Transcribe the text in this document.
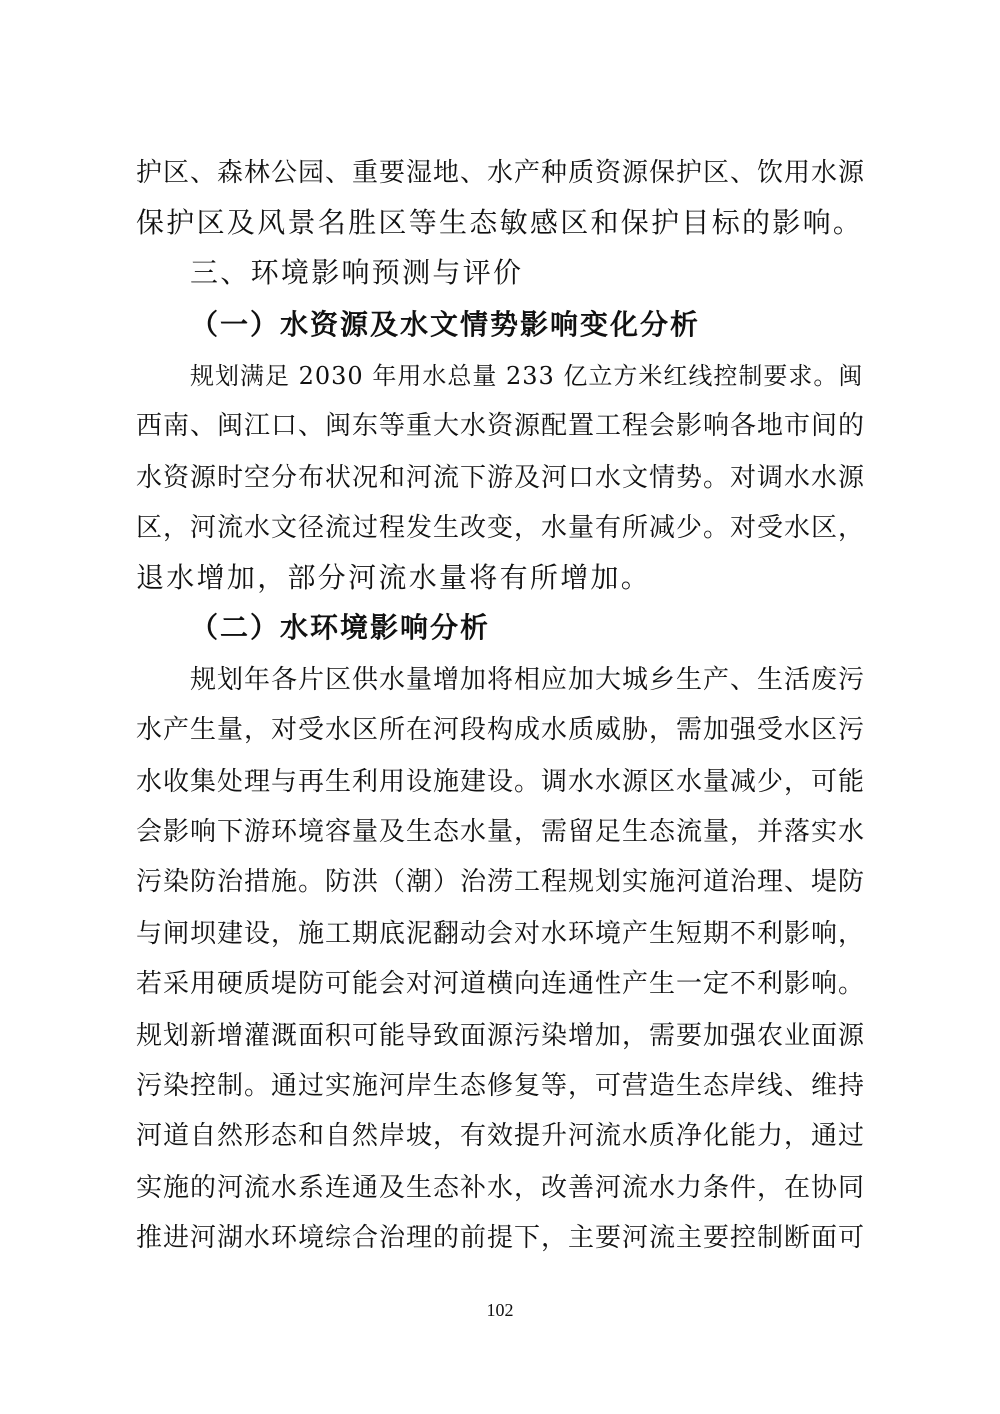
护区、森林公园、重要湿地、水产种质资源保护区、饮用水源
保护区及风景名胜区等生态敏感区和保护目标的影响。
三、环境影响预测与评价
（一）水资源及水文情势影响变化分析
规划满足 2030 年用水总量 233 亿立方米红线控制要求。闽
西南、闽江口、闽东等重大水资源配置工程会影响各地市间的
水资源时空分布状况和河流下游及河口水文情势。对调水水源
区，河流水文径流过程发生改变，水量有所减少。对受水区，
退水增加，部分河流水量将有所增加。
（二）水环境影响分析
规划年各片区供水量增加将相应加大城乡生产、生活废污
水产生量，对受水区所在河段构成水质威胁，需加强受水区污
水收集处理与再生利用设施建设。调水水源区水量减少，可能
会影响下游环境容量及生态水量，需留足生态流量，并落实水
污染防治措施。防洪（潮）治涝工程规划实施河道治理、堤防
与闸坝建设，施工期底泥翻动会对水环境产生短期不利影响，
若采用硬质堤防可能会对河道横向连通性产生一定不利影响。
规划新增灌溉面积可能导致面源污染增加，需要加强农业面源
污染控制。通过实施河岸生态修复等，可营造生态岸线、维持
河道自然形态和自然岸坡，有效提升河流水质净化能力，通过
实施的河流水系连通及生态补水，改善河流水力条件，在协同
推进河湖水环境综合治理的前提下，主要河流主要控制断面可
102
